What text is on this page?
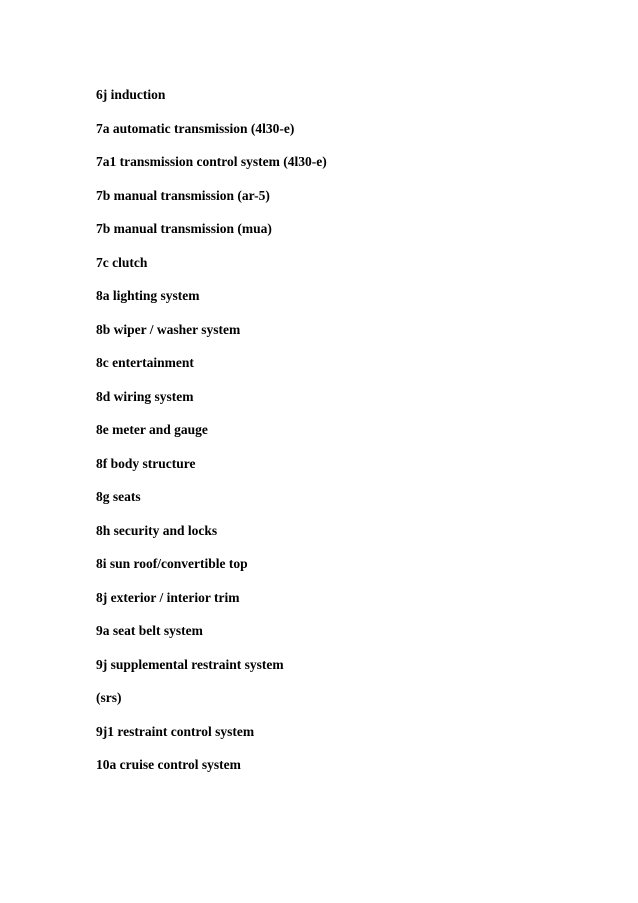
6j induction
7a automatic transmission (4l30-e)
7a1 transmission control system (4l30-e)
7b manual transmission (ar-5)
7b manual transmission (mua)
7c clutch
8a lighting system
8b wiper / washer system
8c entertainment
8d wiring system
8e meter and gauge
8f body structure
8g seats
8h security and locks
8i sun roof/convertible top
8j exterior / interior trim
9a seat belt system
9j supplemental restraint system
(srs)
9j1 restraint control system
10a cruise control system
